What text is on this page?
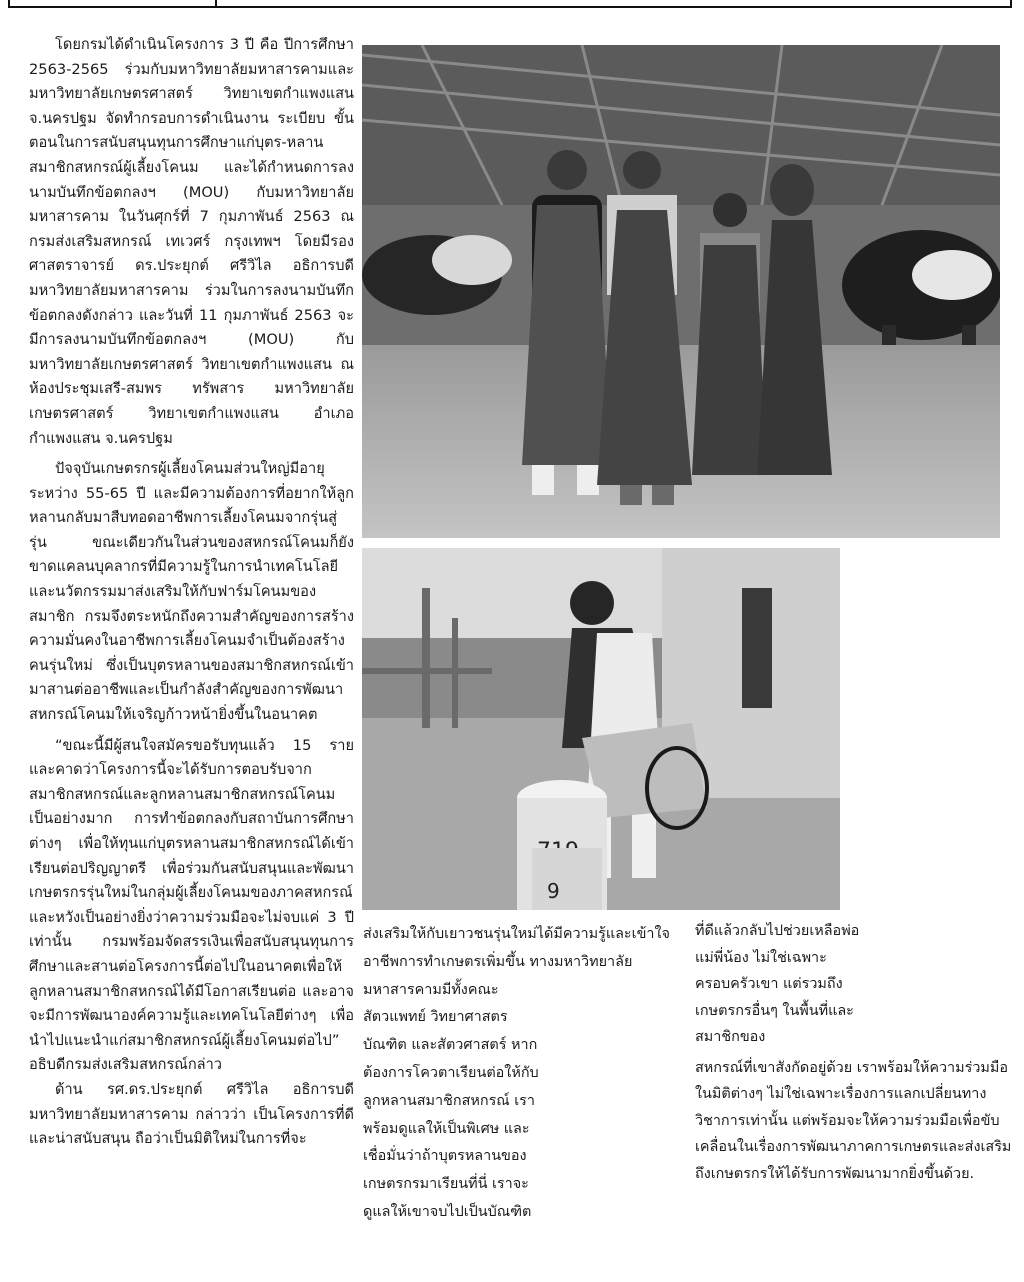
โดยกรมได้ดำเนินโครงการ 3 ปี คือ ปีการศึกษา 2563-2565 ร่วมกับมหาวิทยาลัยมหาสารคามและมหาวิทยาลัยเกษตรศาสตร์ วิทยาเขตกำแพงแสน จ.นครปฐม จัดทำกรอบการดำเนินงาน ระเบียบ ขั้นตอนในการสนับสนุนทุนการศึกษาแก่บุตร-หลานสมาชิกสหกรณ์ผู้เลี้ยงโคนม และได้กำหนดการลงนามบันทึกข้อตกลงฯ (MOU) กับมหาวิทยาลัยมหาสารคาม ในวันศุกร์ที่ 7 กุมภาพันธ์ 2563 ณ กรมส่งเสริมสหกรณ์ เทเวศร์ กรุงเทพฯ โดยมีรองศาสตราจารย์ ดร.ประยุกต์ ศรีวิไล อธิการบดีมหาวิทยาลัยมหาสารคาม ร่วมในการลงนามบันทึกข้อตกลงดังกล่าว และวันที่ 11 กุมภาพันธ์ 2563 จะมีการลงนามบันทึกข้อตกลงฯ (MOU) กับมหาวิทยาลัยเกษตรศาสตร์ วิทยาเขตกำแพงแสน ณ ห้องประชุมเสรี-สมพร ทรัพสาร มหาวิทยาลัยเกษตรศาสตร์ วิทยาเขตกำแพงแสน อำเภอกำแพงแสน จ.นครปฐม

ปัจจุบันเกษตรกรผู้เลี้ยงโคนมส่วนใหญ่มีอายุระหว่าง 55-65 ปี และมีความต้องการที่อยากให้ลูกหลานกลับมาสืบทอดอาชีพการเลี้ยงโคนมจากรุ่นสู่รุ่น ขณะเดียวกันในส่วนของสหกรณ์โคนมก็ยังขาดแคลนบุคลากรที่มีความรู้ในการนำเทคโนโลยีและนวัตกรรมมาส่งเสริมให้กับฟาร์มโคนมของสมาชิก กรมจึงตระหนักถึงความสำคัญของการสร้างความมั่นคงในอาชีพการเลี้ยงโคนมจำเป็นต้องสร้างคนรุ่นใหม่ ซึ่งเป็นบุตรหลานของสมาชิกสหกรณ์เข้ามาสานต่ออาชีพและเป็นกำลังสำคัญของการพัฒนาสหกรณ์โคนมให้เจริญก้าวหน้ายิ่งขึ้นในอนาคต

“ขณะนี้มีผู้สนใจสมัครขอรับทุนแล้ว 15 ราย และคาดว่าโครงการนี้จะได้รับการตอบรับจากสมาชิกสหกรณ์และลูกหลานสมาชิกสหกรณ์โคนมเป็นอย่างมาก การทำข้อตกลงกับสถาบันการศึกษาต่างๆ เพื่อให้ทุนแก่บุตรหลานสมาชิกสหกรณ์ได้เข้าเรียนต่อปริญญาตรี เพื่อร่วมกันสนับสนุนและพัฒนาเกษตรกรรุ่นใหม่ในกลุ่มผู้เลี้ยงโคนมของภาคสหกรณ์ และหวังเป็นอย่างยิ่งว่าความร่วมมือจะไม่จบแค่ 3 ปีเท่านั้น กรมพร้อมจัดสรรเงินเพื่อสนับสนุนทุนการศึกษาและสานต่อโครงการนี้ต่อไปในอนาคตเพื่อให้ลูกหลานสมาชิกสหกรณ์ได้มีโอกาสเรียนต่อ และอาจจะมีการพัฒนาองค์ความรู้และเทคโนโลยีต่างๆ เพื่อนำไปแนะนำแก่สมาชิกสหกรณ์ผู้เลี้ยงโคนมต่อไป” อธิบดีกรมส่งเสริมสหกรณ์กล่าว

ด้าน รศ.ดร.ประยุกต์ ศรีวิไล อธิการบดีมหาวิทยาลัยมหาสารคาม กล่าวว่า เป็นโครงการที่ดีและน่าสนับสนุน ถือว่าเป็นมิติใหม่ในการที่จะ

9

ส่งเสริมให้กับเยาวชนรุ่นใหม่ได้มีความรู้และเข้าใจอาชีพการทำเกษตรเพิ่มขึ้น ทางมหาวิทยาลัย

มหาสารคามมีทั้งคณะสัตวแพทย์ วิทยาศาสตรบัณฑิต และสัตวศาสตร์ หากต้องการโควตาเรียนต่อให้กับลูกหลานสมาชิกสหกรณ์ เราพร้อมดูแลให้เป็นพิเศษ และเชื่อมั่นว่าถ้าบุตรหลานของเกษตรกรมาเรียนที่นี่ เราจะดูแลให้เขาจบไปเป็นบัณฑิต

ที่ดีแล้วกลับไปช่วยเหลือพ่อแม่พี่น้อง ไม่ใช่เฉพาะครอบครัวเขา แต่รวมถึงเกษตรกรอื่นๆ ในพื้นที่และสมาชิกของ

สหกรณ์ที่เขาสังกัดอยู่ด้วย เราพร้อมให้ความร่วมมือในมิติต่างๆ ไม่ใช่เฉพาะเรื่องการแลกเปลี่ยนทางวิชาการเท่านั้น แต่พร้อมจะให้ความร่วมมือเพื่อขับเคลื่อนในเรื่องการพัฒนาภาคการเกษตรและส่งเสริมถึงเกษตรกรให้ได้รับการพัฒนามากยิ่งขึ้นด้วย.
